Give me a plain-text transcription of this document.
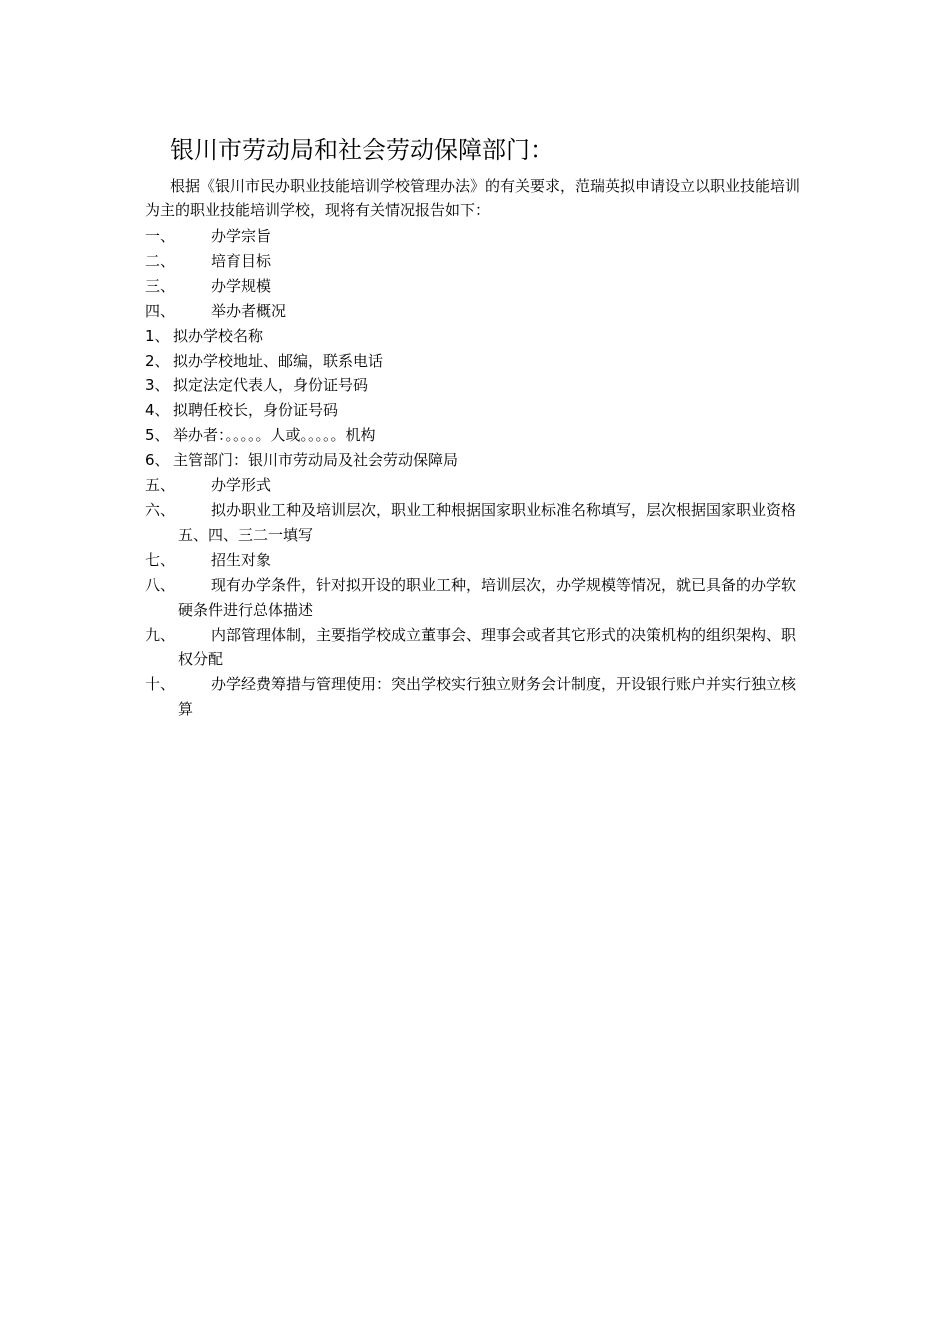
银川市劳动局和社会劳动保障部门：
根据《银川市民办职业技能培训学校管理办法》的有关要求，范瑞英拟申请设立以职业技能培训为主的职业技能培训学校，现将有关情况报告如下：
一、 办学宗旨
二、 培育目标
三、 办学规模
四、 举办者概况
1、 拟办学校名称
2、 拟办学校地址、邮编，联系电话
3、 拟定法定代表人，身份证号码
4、 拟聘任校长，身份证号码
5、 举办者：。。。。。人或。。。。。机构
6、 主管部门：银川市劳动局及社会劳动保障局
五、 办学形式
六、 拟办职业工种及培训层次，职业工种根据国家职业标准名称填写，层次根据国家职业资格五、四、三二一填写
七、 招生对象
八、 现有办学条件，针对拟开设的职业工种，培训层次，办学规模等情况，就已具备的办学软硬条件进行总体描述
九、 内部管理体制，主要指学校成立董事会、理事会或者其它形式的决策机构的组织架构、职权分配
十、 办学经费筹措与管理使用：突出学校实行独立财务会计制度，开设银行账户并实行独立核算
